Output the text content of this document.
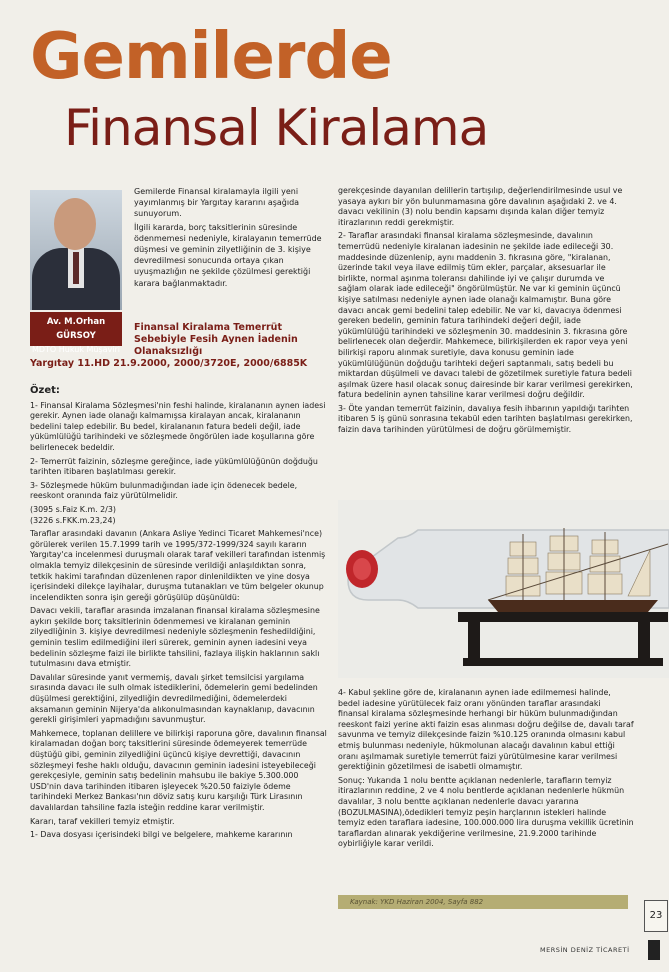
Gemilerde
Finansal Kiralama
Av. M.Orhan GÜRSOY
MDTO Hukuk Müşaviri

Gemilerde Finansal kiralamayla ilgili yeni yayımlanmış bir Yargıtay kararını aşağıda sunuyorum.

İlgili kararda, borç taksitlerinin süresinde ödenmemesi nedeniyle, kiralayanın temerrüde düşmesi ve geminin zilyetliğinin de 3. kişiye devredilmesi sonucunda ortaya çıkan uyuşmazlığın ne şekilde çözülmesi gerektiği karara bağlanmaktadır.

Finansal Kiralama Temerrüt Sebebiyle Fesih Aynen İadenin Olanaksızlığı
Yargıtay 11.HD 21.9.2000, 2000/3720E, 2000/6885K

Özet:

1- Finansal Kiralama Sözleşmesi'nin feshi halinde, kiralananın aynen iadesi gerekir. Aynen iade olanağı kalmamışsa kiralayan ancak, kiralananın bedelini talep edebilir. Bu bedel, kiralananın fatura bedeli değil, iade yükümlülüğü tarihindeki ve sözleşmede öngörülen iade koşullarına göre belirlenecek bedeldir.

2- Temerrüt faizinin, sözleşme gereğince, iade yükümlülüğünün doğduğu tarihten itibaren başlatılması gerekir.

3- Sözleşmede hüküm bulunmadığından iade için ödenecek bedele, reeskont oranında faiz yürütülmelidir.

(3095 s.Faiz K.m. 2/3)

(3226 s.FKK.m.23,24)

Taraflar arasındaki davanın (Ankara Asliye Yedinci Ticaret Mahkemesi'nce) görülerek verilen 15.7.1999 tarih ve 1995/372-1999/324 sayılı kararın Yargıtay'ca incelenmesi duruşmalı olarak taraf vekilleri tarafından istenmiş olmakla temyiz dilekçesinin de süresinde verildiği anlaşıldıktan sonra, tetkik hakimi tarafından düzenlenen rapor dinlenildikten ve yine dosya içerisindeki dilekçe layihalar, duruşma tutanakları ve tüm belgeler okunup incelendikten sonra işin gereği görüşülüp düşünüldü:

Davacı vekili, taraflar arasında imzalanan finansal kiralama sözleşmesine aykırı şekilde borç taksitlerinin ödenmemesi ve kiralanan geminin zilyedliğinin 3. kişiye devredilmesi nedeniyle sözleşmenin feshedildiğini, geminin teslim edilmediğini ileri sürerek, geminin aynen iadesini veya bedelinin sözleşme faizi ile birlikte tahsilini, fazlaya ilişkin haklarının saklı tutulmasını dava etmiştir.

Davalılar süresinde yanıt vermemiş, davalı şirket temsilcisi yargılama sırasında davacı ile sulh olmak istediklerini, ödemelerin gemi bedelinden düşülmesi gerektiğini, zilyedliğin devredilmediğini, ödemelerdeki aksamanın geminin Nijerya'da alıkonulmasından kaynaklanıp, davacının gerekli girişimleri yapmadığını savunmuştur.

Mahkemece, toplanan delillere ve bilirkişi raporuna göre, davalının finansal kiralamadan doğan borç taksitlerini süresinde ödemeyerek temerrüde düştüğü gibi, geminin zilyedliğini üçüncü kişiye devrettiği, davacının sözleşmeyi feshe haklı olduğu, davacının geminin iadesini isteyebileceği gerekçesiyle, geminin satış bedelinin mahsubu ile bakiye 5.300.000 USD'nin dava tarihinden itibaren işleyecek %20.50 faiziyle ödeme tarihindeki Merkez Bankası'nın döviz satış kuru karşılığı Türk Lirasının davalılardan tahsiline fazla isteğin reddine karar verilmiştir.

Kararı, taraf vekilleri temyiz etmiştir.

1- Dava dosyası içerisindeki bilgi ve belgelere, mahkeme kararının

gerekçesinde dayanılan delillerin tartışılıp, değerlendirilmesinde usul ve yasaya aykırı bir yön bulunmamasına göre davalının aşağıdaki 2. ve 4. davacı vekilinin (3) nolu bendin kapsamı dışında kalan diğer temyiz itirazlarının reddi gerekmiştir.

2- Taraflar arasındaki finansal kiralama sözleşmesinde, davalının temerrüdü nedeniyle kiralanan iadesinin ne şekilde iade edileceği 30. maddesinde düzenlenip, aynı maddenin 3. fıkrasına göre, "kiralanan, üzerinde takıl veya ilave edilmiş tüm ekler, parçalar, aksesuarlar ile birlikte, normal aşınma toleransı dahilinde iyi ve çalışır durumda ve sağlam olarak iade edileceği" öngörülmüştür. Ne var ki geminin üçüncü kişiye satılması nedeniyle aynen iade olanağı kalmamıştır. Buna göre davacı ancak gemi bedelini talep edebilir. Ne var ki, davacıya ödenmesi gereken bedelin, geminin fatura tarihindeki değeri değil, iade yükümlülüğü tarihindeki ve sözleşmenin 30. maddesinin 3. fıkrasına göre belirlenecek olan değerdir. Mahkemece, bilirkişilerden ek rapor veya yeni bilirkişi raporu alınmak suretiyle, dava konusu geminin iade yükümlülüğünün doğduğu tarihteki değeri saptanmalı, satış bedeli bu miktardan düşülmeli ve davacı talebi de gözetilmek suretiyle fatura bedeli aşılmak üzere hasıl olacak sonuç dairesinde bir karar verilmesi gerekirken, fatura bedelinin aynen tahsiline karar verilmesi doğru değildir.

3- Öte yandan temerrüt faizinin, davalıya fesih ihbarının yapıldığı tarihten itibaren 5 iş günü sonrasına tekabül eden tarihten başlatılması gerekirken, faizin dava tarihinden yürütülmesi de doğru görülmemiştir.

4- Kabul şekline göre de, kiralananın aynen iade edilmemesi halinde, bedel iadesine yürütülecek faiz oranı yönünden taraflar arasındaki finansal kiralama sözleşmesinde herhangi bir hüküm bulunmadığından reeskont faizi yerine akti faizin esas alınması doğru değilse de, davalı taraf savunma ve temyiz dilekçesinde faizin %10.125 oranında olmasını kabul etmiş bulunması nedeniyle, hükmolunan alacağı davalının kabul ettiği oranı aşılmamak suretiyle temerrüt faizi yürütülmesine karar verilmesi gerektiğinin gözetilmesi de isabetli olmamıştır.

Sonuç: Yukarıda 1 nolu bentte açıklanan nedenlerle, tarafların temyiz itirazlarının reddine, 2 ve 4 nolu bentlerde açıklanan nedenlerle hükmün davalılar, 3 nolu bentte açıklanan nedenlerle davacı yararına (BOZULMASINA),ödedikleri temyiz peşin harçlarının istekleri halinde temyiz eden taraflara iadesine, 100.000.000 lira duruşma vekillik ücretinin taraflardan alınarak yekdiğerine verilmesine, 21.9.2000 tarihinde oybirliğiyle karar verildi.

Kaynak: YKD Haziran 2004, Sayfa 882
23
MERSİN DENİZ TİCARETİ
